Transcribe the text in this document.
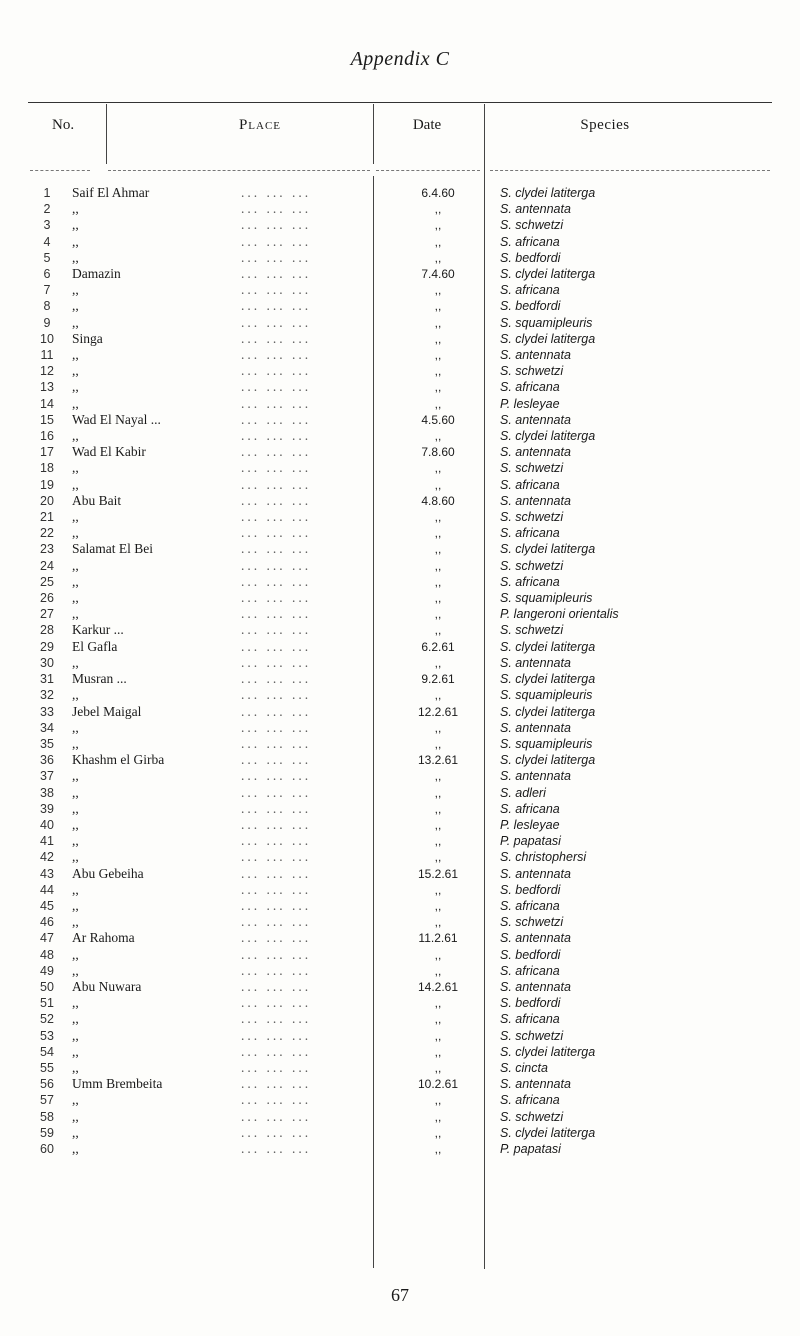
Appendix C
No.	Place	Date	Species
1	Saif El Ahmar ... ... ...	6.4.60	S. clydei latiterga
2	,, ... ... ...	,,	S. antennata
3	,, ... ... ...	,,	S. schwetzi
4	,, ... ... ...	,,	S. africana
5	,, ... ... ...	,,	S. bedfordi
6	Damazin ... ... ...	7.4.60	S. clydei latiterga
7	,, ... ... ...	,,	S. africana
8	,, ... ... ...	,,	S. bedfordi
9	,, ... ... ...	,,	S. squamipleuris
10	Singa ... ... ...	,,	S. clydei latiterga
11	,, ... ... ...	,,	S. antennata
12	,, ... ... ...	,,	S. schwetzi
13	,, ... ... ...	,,	S. africana
14	,, ... ... ...	,,	P. lesleyae
15	Wad El Nayal ... ... ... ...	4.5.60	S. antennata
16	,, ... ... ...	,,	S. clydei latiterga
17	Wad El Kabir ... ... ...	7.8.60	S. antennata
18	,, ... ... ...	,,	S. schwetzi
19	,, ... ... ...	,,	S. africana
20	Abu Bait ... ... ...	4.8.60	S. antennata
21	,, ... ... ...	,,	S. schwetzi
22	,, ... ... ...	,,	S. africana
23	Salamat El Bei ... ... ...	,,	S. clydei latiterga
24	,, ... ... ...	,,	S. schwetzi
25	,, ... ... ...	,,	S. africana
26	,, ... ... ...	,,	S. squamipleuris
27	,, ... ... ...	,,	P. langeroni orientalis
28	Karkur ... ... ... ...	,,	S. schwetzi
29	El Gafla ... ... ...	6.2.61	S. clydei latiterga
30	,, ... ... ...	,,	S. antennata
31	Musran ... ... ... ...	9.2.61	S. clydei latiterga
32	,, ... ... ...	,,	S. squamipleuris
33	Jebel Maigal ... ... ...	12.2.61	S. clydei latiterga
34	,, ... ... ...	,,	S. antennata
35	,, ... ... ...	,,	S. squamipleuris
36	Khashm el Girba ... ... ...	13.2.61	S. clydei latiterga
37	,, ... ... ...	,,	S. antennata
38	,, ... ... ...	,,	S. adleri
39	,, ... ... ...	,,	S. africana
40	,, ... ... ...	,,	P. lesleyae
41	,, ... ... ...	,,	P. papatasi
42	,, ... ... ...	,,	S. christophersi
43	Abu Gebeiha ... ... ...	15.2.61	S. antennata
44	,, ... ... ...	,,	S. bedfordi
45	,, ... ... ...	,,	S. africana
46	,, ... ... ...	,,	S. schwetzi
47	Ar Rahoma ... ... ...	11.2.61	S. antennata
48	,, ... ... ...	,,	S. bedfordi
49	,, ... ... ...	,,	S. africana
50	Abu Nuwara ... ... ...	14.2.61	S. antennata
51	,, ... ... ...	,,	S. bedfordi
52	,, ... ... ...	,,	S. africana
53	,, ... ... ...	,,	S. schwetzi
54	,, ... ... ...	,,	S. clydei latiterga
55	,, ... ... ...	,,	S. cincta
56	Umm Brembeita ... ... ...	10.2.61	S. antennata
57	,, ... ... ...	,,	S. africana
58	,, ... ... ...	,,	S. schwetzi
59	,, ... ... ...	,,	S. clydei latiterga
60	,, ... ... ...	,,	P. papatasi
67
